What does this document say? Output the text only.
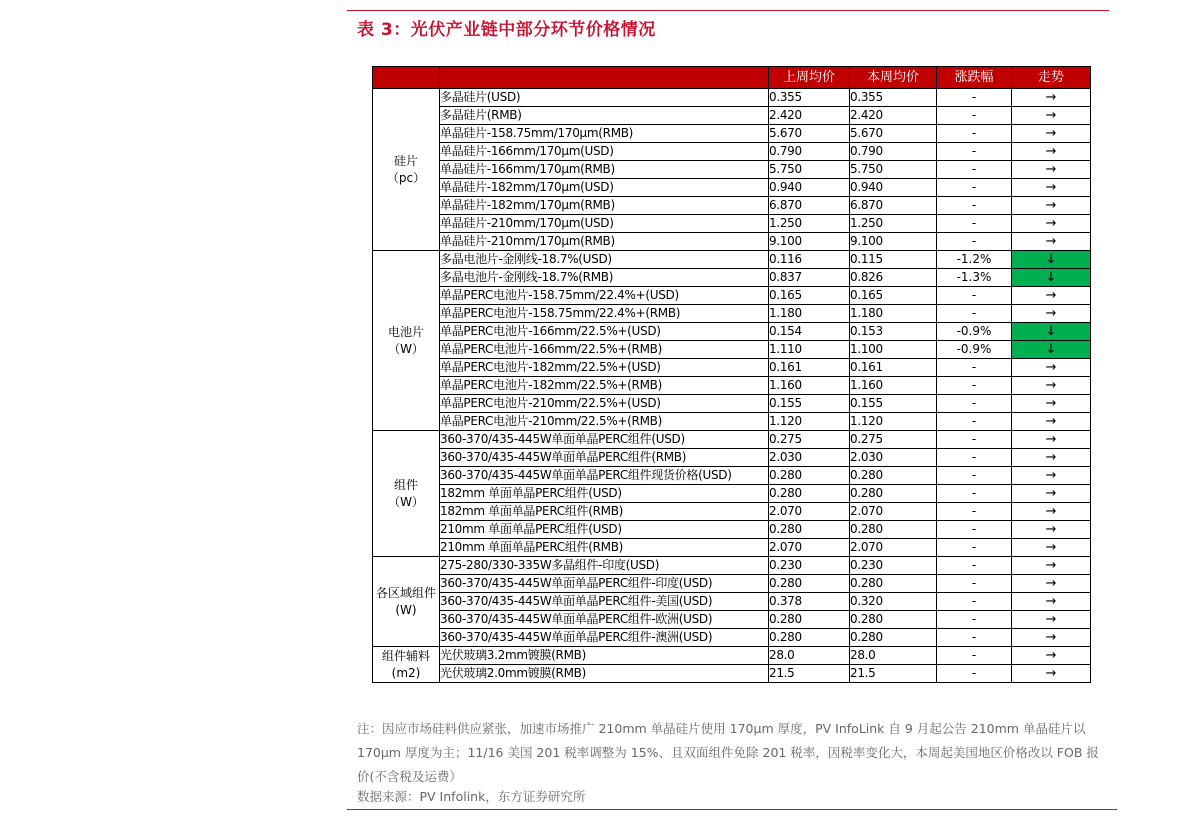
表 3：光伏产业链中部分环节价格情况
		上周均价	本周均价	涨跌幅	走势

硅片
（pc）	多晶硅片(USD)	0.355	0.355	-	→
	多晶硅片(RMB)	2.420	2.420	-	→
	单晶硅片-158.75mm/170μm(RMB)	5.670	5.670	-	→
	单晶硅片-166mm/170μm(USD)	0.790	0.790	-	→
	单晶硅片-166mm/170μm(RMB)	5.750	5.750	-	→
	单晶硅片-182mm/170μm(USD)	0.940	0.940	-	→
	单晶硅片-182mm/170μm(RMB)	6.870	6.870	-	→
	单晶硅片-210mm/170μm(USD)	1.250	1.250	-	→
	单晶硅片-210mm/170μm(RMB)	9.100	9.100	-	→

电池片
（W）	多晶电池片-金刚线-18.7%(USD)	0.116	0.115	-1.2%	↓
	多晶电池片-金刚线-18.7%(RMB)	0.837	0.826	-1.3%	↓
	单晶PERC电池片-158.75mm/22.4%+(USD)	0.165	0.165	-	→
	单晶PERC电池片-158.75mm/22.4%+(RMB)	1.180	1.180	-	→
	单晶PERC电池片-166mm/22.5%+(USD)	0.154	0.153	-0.9%	↓
	单晶PERC电池片-166mm/22.5%+(RMB)	1.110	1.100	-0.9%	↓
	单晶PERC电池片-182mm/22.5%+(USD)	0.161	0.161	-	→
	单晶PERC电池片-182mm/22.5%+(RMB)	1.160	1.160	-	→
	单晶PERC电池片-210mm/22.5%+(USD)	0.155	0.155	-	→
	单晶PERC电池片-210mm/22.5%+(RMB)	1.120	1.120	-	→

组件
（W）	360-370/435-445W单面单晶PERC组件(USD)	0.275	0.275	-	→
	360-370/435-445W单面单晶PERC组件(RMB)	2.030	2.030	-	→
	360-370/435-445W单面单晶PERC组件现货价格(USD)	0.280	0.280	-	→
	182mm 单面单晶PERC组件(USD)	0.280	0.280	-	→
	182mm 单面单晶PERC组件(RMB)	2.070	2.070	-	→
	210mm 单面单晶PERC组件(USD)	0.280	0.280	-	→
	210mm 单面单晶PERC组件(RMB)	2.070	2.070	-	→

各区域组件
(W)	275-280/330-335W多晶组件-印度(USD)	0.230	0.230	-	→
	360-370/435-445W单面单晶PERC组件-印度(USD)	0.280	0.280	-	→
	360-370/435-445W单面单晶PERC组件-美国(USD)	0.378	0.320	-	→
	360-370/435-445W单面单晶PERC组件-欧洲(USD)	0.280	0.280	-	→
	360-370/435-445W单面单晶PERC组件-澳洲(USD)	0.280	0.280	-	→

组件辅料
(m2)	光伏玻璃3.2mm镀膜(RMB)	28.0	28.0	-	→
	光伏玻璃2.0mm镀膜(RMB)	21.5	21.5	-	→
注：因应市场硅料供应紧张，加速市场推广 210mm 单晶硅片使用 170μm 厚度，PV InfoLink 自 9 月起公告 210mm 单晶硅片以 170μm 厚度为主；11/16 美国 201 税率调整为 15%、且双面组件免除 201 税率，因税率变化大，本周起美国地区价格改以 FOB 报价(不含税及运费）
数据来源：PV Infolink，东方证券研究所
